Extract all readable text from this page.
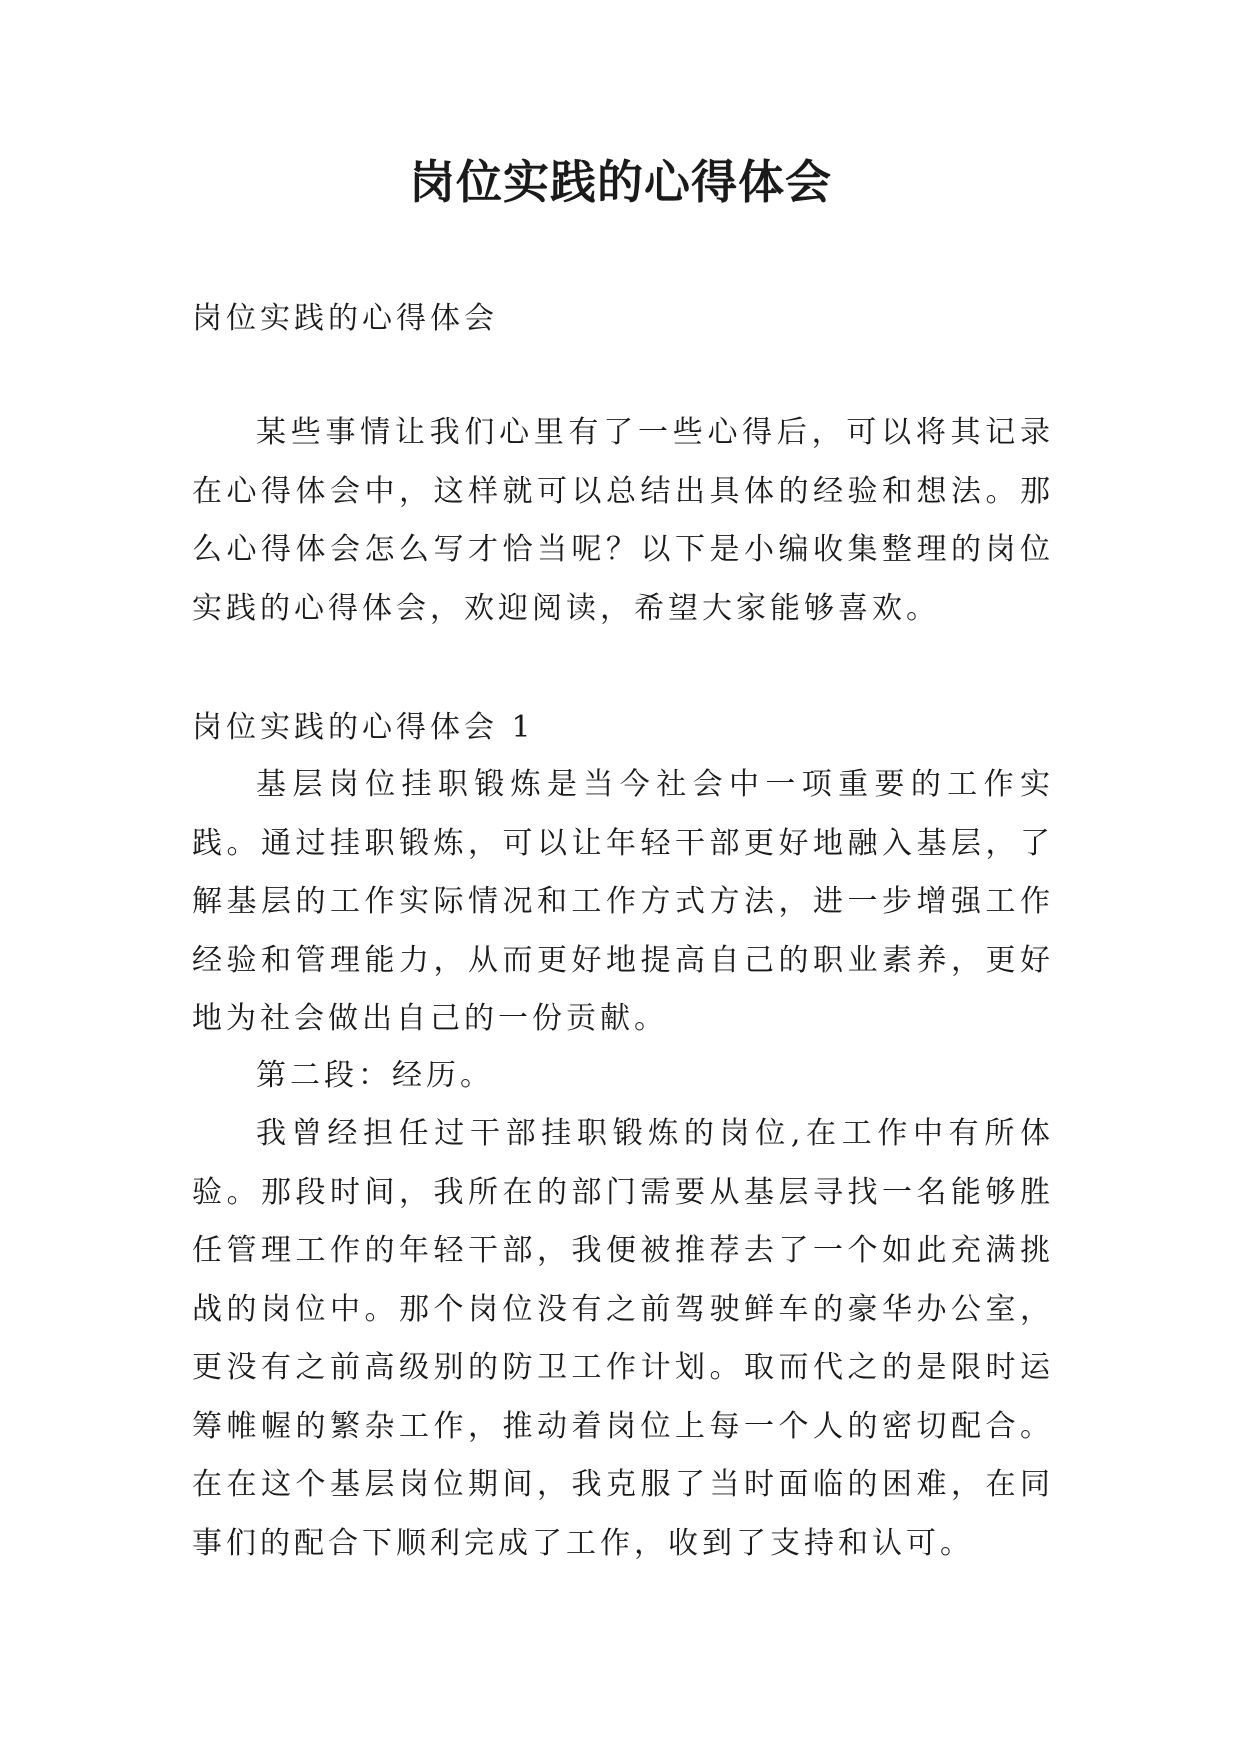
岗位实践的心得体会

岗位实践的心得体会

某些事情让我们心里有了一些心得后，可以将其记录在心得体会中，这样就可以总结出具体的经验和想法。那么心得体会怎么写才恰当呢？以下是小编收集整理的岗位实践的心得体会，欢迎阅读，希望大家能够喜欢。

岗位实践的心得体会 1

基层岗位挂职锻炼是当今社会中一项重要的工作实践。通过挂职锻炼，可以让年轻干部更好地融入基层，了解基层的工作实际情况和工作方式方法，进一步增强工作经验和管理能力，从而更好地提高自己的职业素养，更好地为社会做出自己的一份贡献。

第二段：经历。

我曾经担任过干部挂职锻炼的岗位,在工作中有所体验。那段时间，我所在的部门需要从基层寻找一名能够胜任管理工作的年轻干部，我便被推荐去了一个如此充满挑战的岗位中。那个岗位没有之前驾驶鲜车的豪华办公室，更没有之前高级别的防卫工作计划。取而代之的是限时运筹帷幄的繁杂工作，推动着岗位上每一个人的密切配合。在在这个基层岗位期间，我克服了当时面临的困难，在同事们的配合下顺利完成了工作，收到了支持和认可。
